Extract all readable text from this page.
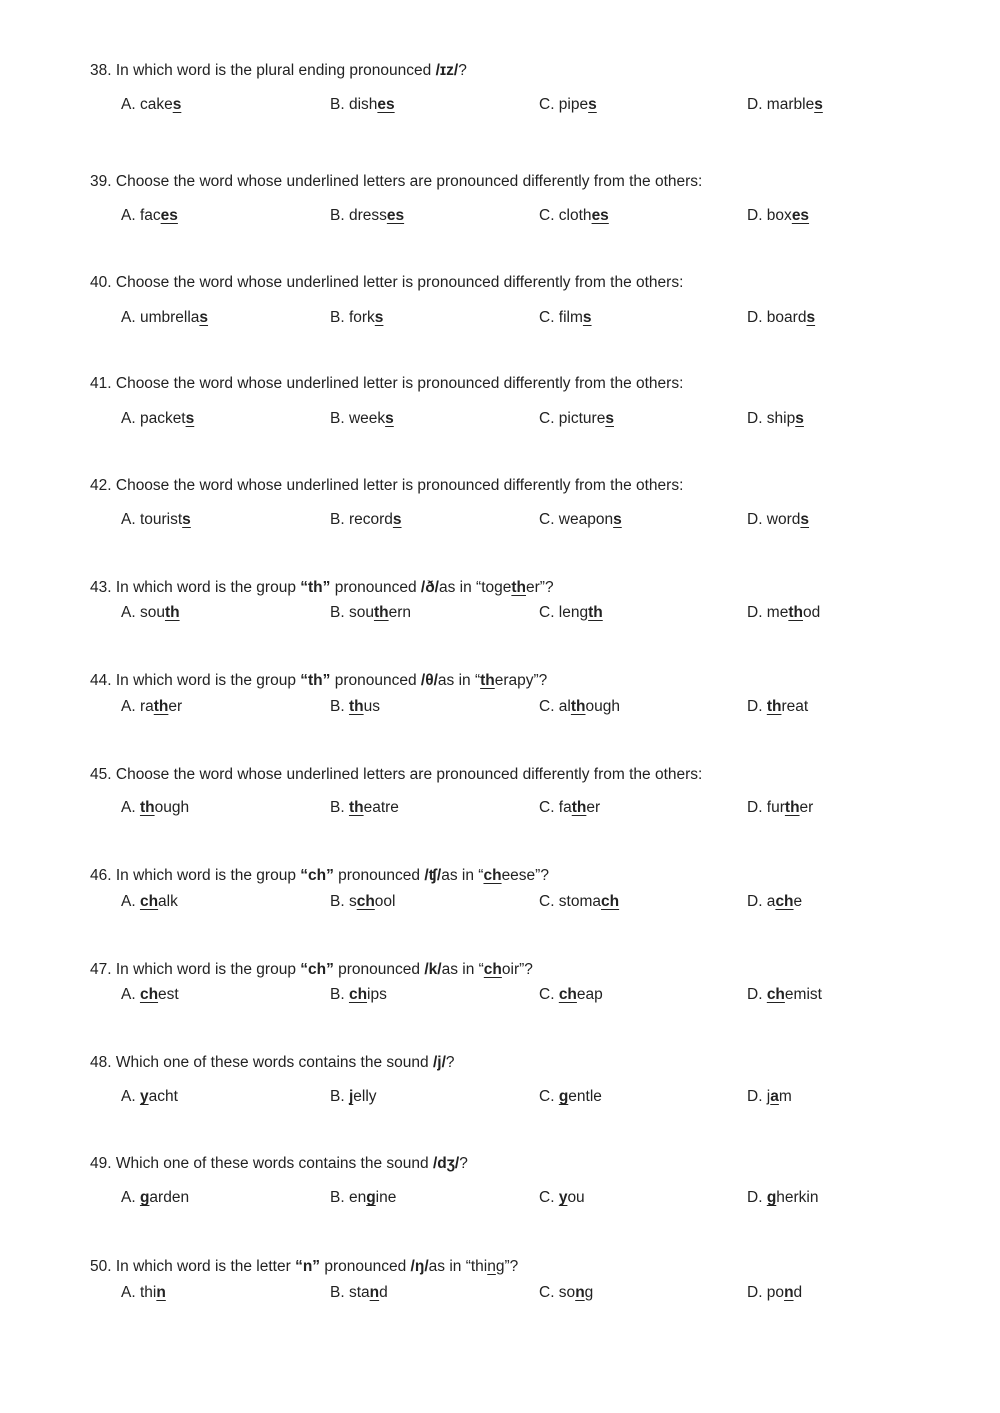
38. In which word is the plural ending pronounced /ɪz/?
A. cakes	B. dishes	C. pipes	D. marbles
39. Choose the word whose underlined letters are pronounced differently from the others:
A. faces	B. dresses	C. clothes	D. boxes
40. Choose the word whose underlined letter is pronounced differently from the others:
A. umbrellas	B. forks	C. films	D. boards
41. Choose the word whose underlined letter is pronounced differently from the others:
A. packets	B. weeks	C. pictures	D. ships
42. Choose the word whose underlined letter is pronounced differently from the others:
A. tourists	B. records	C. weapons	D. words
43. In which word is the group “th” pronounced /ð/as in “together”?
A. south	B. southern	C. length	D. method
44. In which word is the group “th” pronounced /θ/as in “therapy”?
A. rather	B. thus	C. although	D. threat
45. Choose the word whose underlined letters are pronounced differently from the others:
A. though	B. theatre	C. father	D. further
46. In which word is the group “ch” pronounced /ʧ/as in “cheese”?
A. chalk	B. school	C. stomach	D. ache
47. In which word is the group “ch” pronounced /k/as in “choir”?
A. chest	B. chips	C. cheap	D. chemist
48. Which one of these words contains the sound /j/?
A. yacht	B. jelly	C. gentle	D. jam
49. Which one of these words contains the sound /dʒ/?
A. garden	B. engine	C. you	D. gherkin
50. In which word is the letter “n” pronounced /ŋ/as in “thing”?
A. thin	B. stand	C. song	D. pond
